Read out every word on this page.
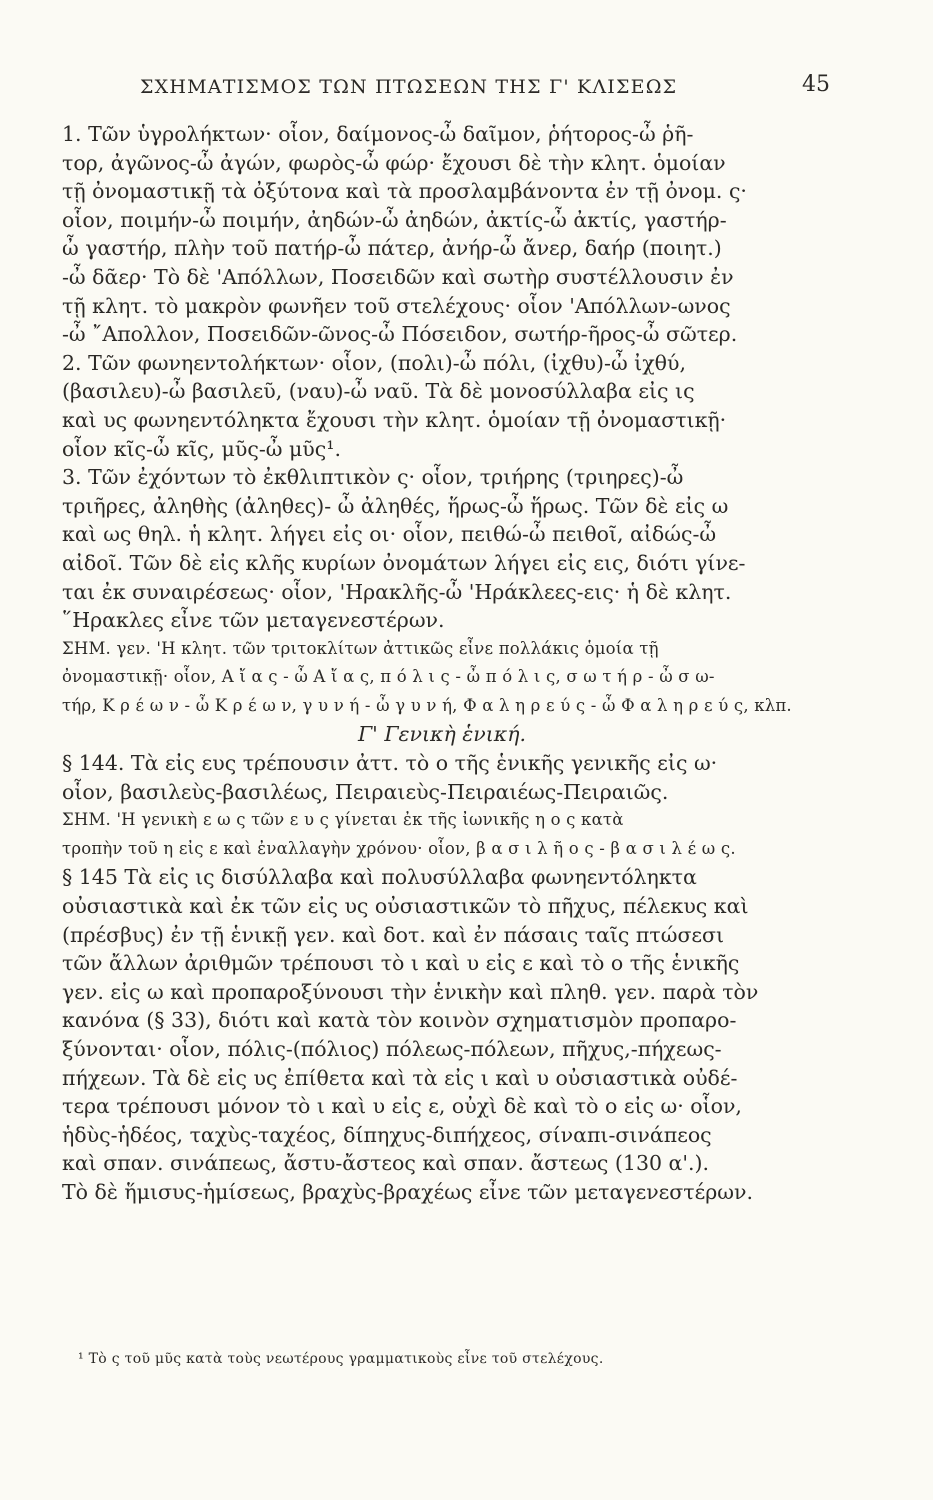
ΣΧΗΜΑΤΙΣΜΟΣ ΤΩΝ ΠΤΩΣΕΩΝ ΤΗΣ Γ' ΚΛΙΣΕΩΣ	45
1. Τῶν ὑγρολήκτων· οἷον, δαίμονος-ὦ δαῖμον, ῥήτορος-ὦ ῥῆ-
τορ, ἀγῶνος-ὦ ἀγών, φωρὸς-ὦ φώρ· ἔχουσι δὲ τὴν κλητ. ὁμοίαν
τῇ ὀνομαστικῇ τὰ ὀξύτονα καὶ τὰ προσλαμβάνοντα ἐν τῇ ὀνομ. ς·
οἷον, ποιμήν-ὦ ποιμήν, ἀηδών-ὦ ἀηδών, ἀκτίς-ὦ ἀκτίς, γαστήρ-
ὦ γαστήρ, πλὴν τοῦ πατήρ-ὦ πάτερ, ἀνήρ-ὦ ἄνερ, δαήρ (ποιητ.)
-ὦ δᾶερ· Τὸ δὲ 'Απόλλων, Ποσειδῶν καὶ σωτὴρ συστέλλουσιν ἐν
τῇ κλητ. τὸ μακρὸν φωνῆεν τοῦ στελέχους· οἷον 'Απόλλων-ωνος
-ὦ ῎Απολλον, Ποσειδῶν-ῶνος-ὦ Πόσειδον, σωτήρ-ῆρος-ὦ σῶτερ.
2. Τῶν φωνηεντολήκτων· οἷον, (πολι)-ὦ πόλι, (ἰχθυ)-ὦ ἰχθύ,
(βασιλευ)-ὦ βασιλεῦ, (ναυ)-ὦ ναῦ. Τὰ δὲ μονοσύλλαβα εἰς ις
καὶ υς φωνηεντόληκτα ἔχουσι τὴν κλητ. ὁμοίαν τῇ ὀνομαστικῇ·
οἷον κῖς-ὦ κῖς, μῦς-ὦ μῦς¹.
3. Τῶν ἐχόντων τὸ ἐκθλιπτικὸν ς· οἷον, τριήρης (τριηρες)-ὦ
τριῆρες, ἀληθὴς (ἀληθες)- ὦ ἀληθές, ἥρως-ὦ ἥρως. Τῶν δὲ εἰς ω
καὶ ως θηλ. ἡ κλητ. λήγει εἰς οι· οἷον, πειθώ-ὦ πειθοῖ, αἰδώς-ὦ
αἰδοῖ. Τῶν δὲ εἰς κλῆς κυρίων ὀνομάτων λήγει εἰς εις, διότι γίνε-
ται ἐκ συναιρέσεως· οἷον, 'Ηρακλῆς-ὦ 'Ηράκλεες-εις· ἡ δὲ κλητ.
῞Ηρακλες εἶνε τῶν μεταγενεστέρων.
ΣΗΜ. γεν. 'Η κλητ. τῶν τριτοκλίτων ἀττικῶς εἶνε πολλάκις ὁμοία τῇ
ὀνομαστικῇ· οἷον, Α ἴ α ς - ὦ Α ἴ α ς, π ό λ ι ς - ὦ π ό λ ι ς, σ ω τ ή ρ - ὦ σ ω-
τήρ, Κ ρ έ ω ν - ὦ Κ ρ έ ω ν, γ υ ν ή - ὦ γ υ ν ή, Φ α λ η ρ ε ύ ς - ὦ Φ α λ η ρ ε ύ ς, κλπ.
Γ' Γενικὴ ἑνική.
§ 144. Τὰ εἰς ευς τρέπουσιν ἀττ. τὸ ο τῆς ἑνικῆς γενικῆς εἰς ω·
οἷον, βασιλεὺς-βασιλέως, Πειραιεὺς-Πειραιέως-Πειραιῶς.
ΣΗΜ. 'Η γενικὴ ε ω ς τῶν ε υ ς γίνεται ἐκ τῆς ἰωνικῆς η ο ς κατὰ
τροπὴν τοῦ η εἰς ε καὶ ἐναλλαγὴν χρόνου· οἷον, β α σ ι λ ῆ ο ς - β α σ ι λ έ ω ς.
§ 145 Τὰ εἰς ις δισύλλαβα καὶ πολυσύλλαβα φωνηεντόληκτα
οὐσιαστικὰ καὶ ἐκ τῶν εἰς υς οὐσιαστικῶν τὸ πῆχυς, πέλεκυς καὶ
(πρέσβυς) ἐν τῇ ἑνικῇ γεν. καὶ δοτ. καὶ ἐν πάσαις ταῖς πτώσεσι
τῶν ἄλλων ἀριθμῶν τρέπουσι τὸ ι καὶ υ εἰς ε καὶ τὸ ο τῆς ἑνικῆς
γεν. εἰς ω καὶ προπαροξύνουσι τὴν ἑνικὴν καὶ πληθ. γεν. παρὰ τὸν
κανόνα (§ 33), διότι καὶ κατὰ τὸν κοινὸν σχηματισμὸν προπαρο-
ξύνονται· οἷον, πόλις-(πόλιος) πόλεως-πόλεων, πῆχυς,-πήχεως-
πήχεων. Τὰ δὲ εἰς υς ἐπίθετα καὶ τὰ εἰς ι καὶ υ οὐσιαστικὰ οὐδέ-
τερα τρέπουσι μόνον τὸ ι καὶ υ εἰς ε, οὐχὶ δὲ καὶ τὸ ο εἰς ω· οἷον,
ἡδὺς-ἡδέος, ταχὺς-ταχέος, δίπηχυς-διπήχεος, σίναπι-σινάπεος
καὶ σπαν. σινάπεως, ἄστυ-ἄστεος καὶ σπαν. ἄστεως (130 α'.).
Τὸ δὲ ἥμισυς-ἡμίσεως, βραχὺς-βραχέως εἶνε τῶν μεταγενεστέρων.
¹ Τὸ ς τοῦ μῦς κατὰ τοὺς νεωτέρους γραμματικοὺς εἶνε τοῦ στελέχους.
